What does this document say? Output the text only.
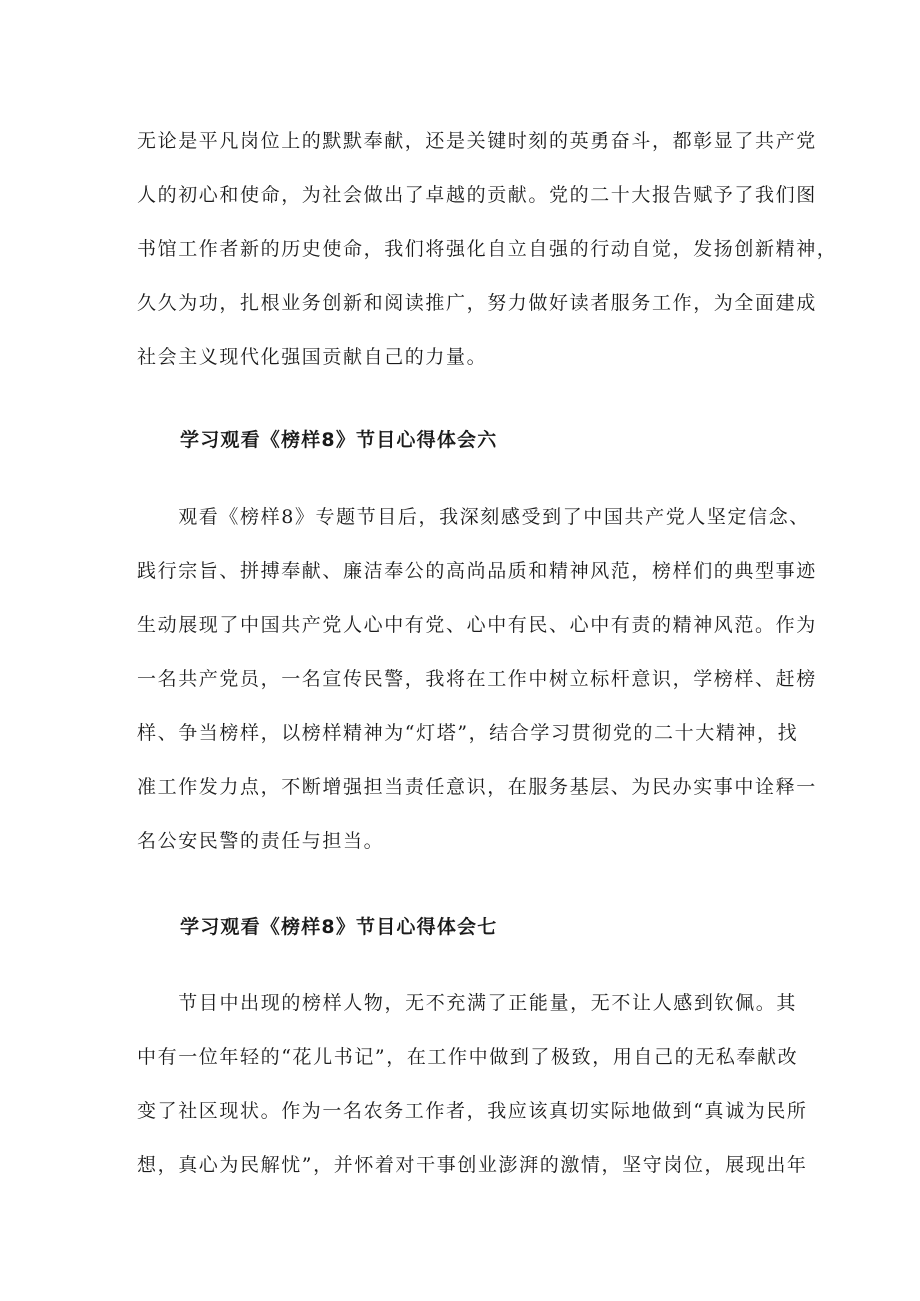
无论是平凡岗位上的默默奉献，还是关键时刻的英勇奋斗，都彰显了共产党
人的初心和使命，为社会做出了卓越的贡献。党的二十大报告赋予了我们图
书馆工作者新的历史使命，我们将强化自立自强的行动自觉，发扬创新精神，
久久为功，扎根业务创新和阅读推广，努力做好读者服务工作，为全面建成
社会主义现代化强国贡献自己的力量。

学习观看《榜样8》节目心得体会六

　　观看《榜样8》专题节目后，我深刻感受到了中国共产党人坚定信念、
践行宗旨、拼搏奉献、廉洁奉公的高尚品质和精神风范，榜样们的典型事迹
生动展现了中国共产党人心中有党、心中有民、心中有责的精神风范。作为
一名共产党员，一名宣传民警，我将在工作中树立标杆意识，学榜样、赶榜
样、争当榜样，以榜样精神为“灯塔”，结合学习贯彻党的二十大精神，找
准工作发力点，不断增强担当责任意识，在服务基层、为民办实事中诠释一
名公安民警的责任与担当。

学习观看《榜样8》节目心得体会七

　　节目中出现的榜样人物，无不充满了正能量，无不让人感到钦佩。其
中有一位年轻的“花儿书记”，在工作中做到了极致，用自己的无私奉献改
变了社区现状。作为一名农务工作者，我应该真切实际地做到“真诚为民所
想，真心为民解忧”，并怀着对干事创业澎湃的激情，坚守岗位，展现出年
